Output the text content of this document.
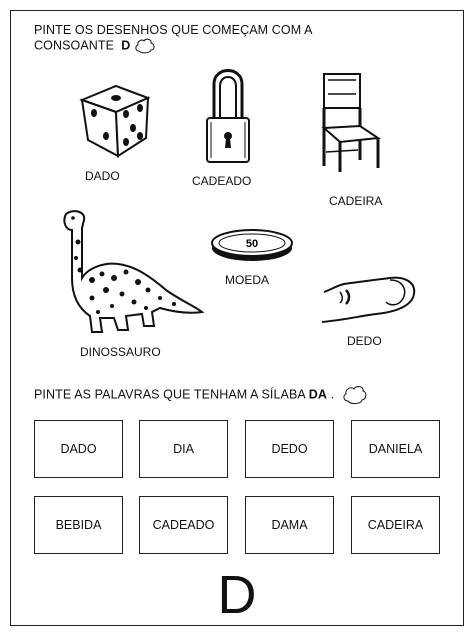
PINTE OS DESENHOS QUE COMEÇAM COM A
CONSOANTE D
DADO	CADEADO
CADEIRA
DINOSSAURO
50
MOEDA
DEDO
PINTE AS PALAVRAS QUE TENHAM A SÍLABA DA .
DADO	DIA	DEDO	DANIELA
BEBIDA	CADEADO	DAMA	CADEIRA
D
